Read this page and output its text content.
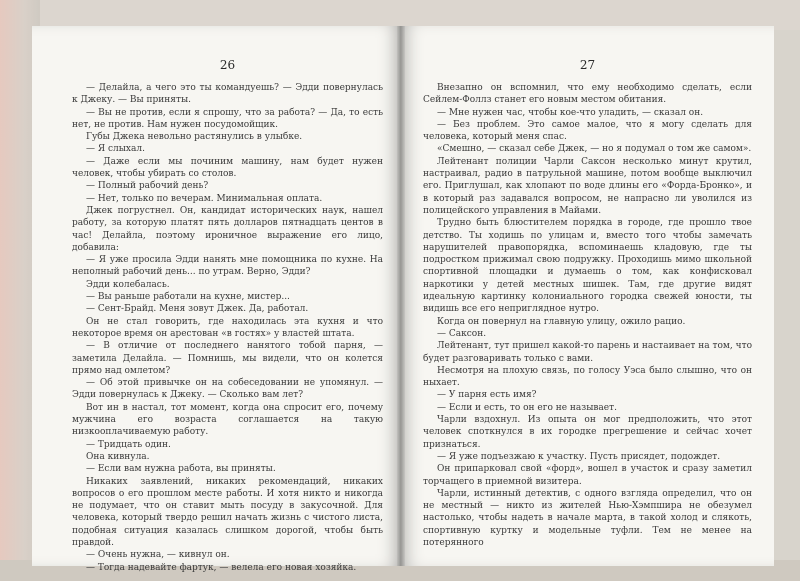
26

— Делайла, а чего это ты командуешь? — Эдди повернулась к Джеку. — Вы приняты.

— Вы не против, если я спрошу, что за работа? — Да, то есть нет, не против. Нам нужен посудомойщик.

Губы Джека невольно растянулись в улыбке.

— Я слыхал.

— Даже если мы починим машину, нам будет нужен человек, чтобы убирать со столов.

— Полный рабочий день?

— Нет, только по вечерам. Минимальная оплата.

Джек погрустнел. Он, кандидат исторических наук, нашел работу, за которую платят пять долларов пятнадцать центов в час! Делайла, поэтому ироничное выражение его лицо, добавила:

— Я уже просила Эдди нанять мне помощника по кухне. На неполный рабочий день... по утрам. Верно, Эдди?

Эдди колебалась.

— Вы раньше работали на кухне, мистер...

— Сент-Брайд. Меня зовут Джек. Да, работал.

Он не стал говорить, где находилась эта кухня и что некоторое время он арестован «в гостях» у властей штата.

— В отличие от последнего нанятого тобой парня, — заметила Делайла. — Помнишь, мы видели, что он колется прямо над омлетом?

— Об этой привычке он на собеседовании не упомянул. — Эдди повернулась к Джеку. — Сколько вам лет?

Вот ин в настал, тот момент, когда она спросит его, почему мужчина его возраста соглашается на такую низкооплачиваемую работу.

— Тридцать один.

Она кивнула.

— Если вам нужна работа, вы приняты.

Никаких заявлений, никаких рекомендаций, никаких вопросов о его прошлом месте работы. И хотя никто и никогда не подумает, что он ставит мыть посуду в закусочной. Для человека, который твердо решил начать жизнь с чистого листа, подобная ситуация казалась слишком дорогой, чтобы быть правдой.

— Очень нужна, — кивнул он.

— Тогда надевайте фартук, — велела его новая хозяйка.

27

Внезапно он вспомнил, что ему необходимо сделать, если Сейлем-Фоллз станет его новым местом обитания.

— Мне нужен час, чтобы кое-что уладить, — сказал он.

— Без проблем. Это самое малое, что я могу сделать для человека, который меня спас.

«Смешно, — сказал себе Джек, — но я подумал о том же самом».

Лейтенант полиции Чарли Саксон несколько минут крутил, настраивал, радио в патрульной машине, потом вообще выключил его. Приглушал, как хлопают по воде длины его «Форда-Бронко», и в который раз задавался вопросом, не напрасно ли уволился из полицейского управления в Майами.

Трудно быть блюстителем порядка в городе, где прошло твое детство. Ты ходишь по улицам и, вместо того чтобы замечать нарушителей правопорядка, вспоминаешь кладовую, где ты подростком прижимал свою подружку. Проходишь мимо школьной спортивной площадки и думаешь о том, как конфисковал наркотики у детей местных шишек. Там, где другие видят идеальную картинку колониального городка свежей юности, ты видишь все его неприглядное нутро.

Когда он повернул на главную улицу, ожило рацио.

— Саксон.

Лейтенант, тут пришел какой-то парень и настаивает на том, что будет разговаривать только с вами.

Несмотря на плохую связь, по голосу Уэса было слышно, что он ныхает.

— У парня есть имя?

— Если и есть, то он его не называет.

Чарли вздохнул. Из опыта он мог предположить, что этот человек споткнулся в их городке прегрешение и сейчас хочет признаться.

— Я уже подъезжаю к участку. Пусть присядет, подождет.

Он припарковал свой «форд», вошел в участок и сразу заметил торчащего в приемной визитера.

Чарли, истинный детектив, с одного взгляда определил, что он не местный — никто из жителей Нью-Хэмпшира не обезумел настолько, чтобы надеть в начале марта, в такой холод и слякоть, спортивную куртку и модельные туфли. Тем не менее на потерянного
